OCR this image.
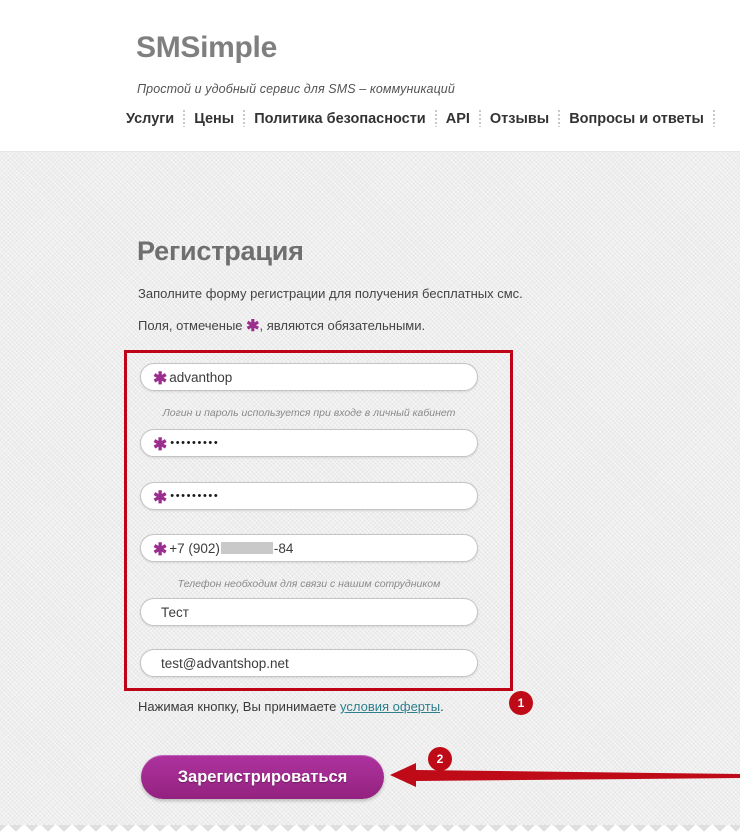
SMSimple
Простой и удобный сервис для SMS – коммуникаций
Услуги	Цены	Политика безопасности	API	Отзывы	Вопросы и ответы
Регистрация
Заполните форму регистрации для получения бесплатных смс.
Поля, отмеченые ✱, являются обязательными.
✱ advanthop
Логин и пароль используется при входе в личный кабинет
✱ •••••••••
✱ •••••••••
✱ +7 (902)	-84
Телефон необходим для связи с нашим сотрудником
Тест
test@advantshop.net
Нажимая кнопку, Вы принимаете условия оферты.
Зарегистрироваться
1
2
